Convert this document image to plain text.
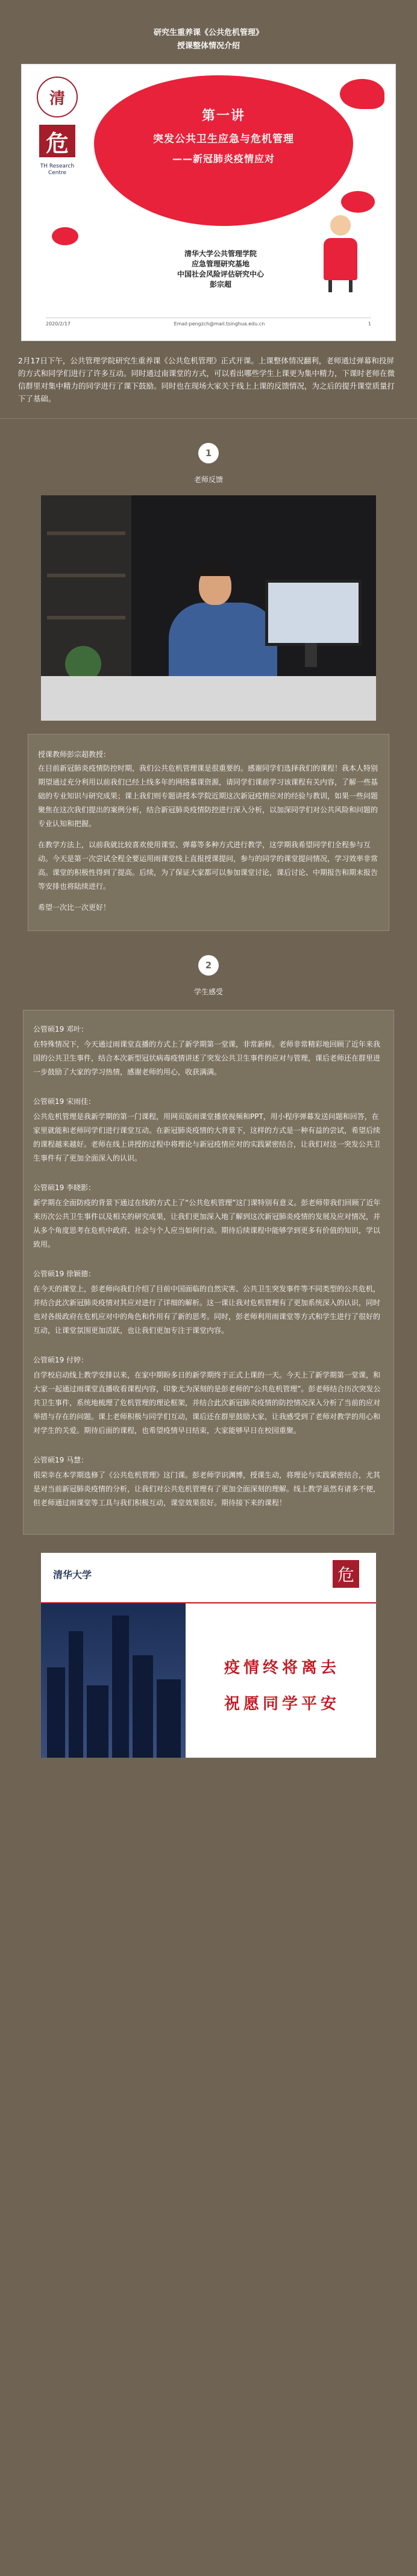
研究生重养课《公共危机管理》
授课整体情况介绍
清
危
TH Research Centre
第一讲
突发公共卫生应急与危机管理
——新冠肺炎疫情应对
清华大学公共管理学院
应急管理研究基地
中国社会风险评估研究中心
彭宗超
2020/2/17	Email:pengzch@mail.tsinghua.edu.cn	1
2月17日下午，公共管理学院研究生重养课《公共危机管理》正式开课。上课整体情况翻利，老师通过弹幕和投屏的方式和同学们进行了许多互动。同时通过南课堂的方式，可以看出哪些学生上课更为集中精力，下课时老师在微信群里对集中精力的同学进行了课下鼓励。同时也在现场大家关于线上上课的反馈情况，为之后的提升课堂质量打下了基础。
1
老师反馈
授课教师彭宗超教授：

在目前新冠肺炎疫情防控时期，我们公共危机管理课是很重要的。感谢同学们选择我们的课程！我本人特别期望通过充分利用以前我们已经上线多年的网络慕课资源，请同学们课前学习该课程有关内容，了解一些基础的专业知识与研究成果；课上我们则专题讲授本学院近期这次新冠疫情应对的经验与教训，如果一些问题聚焦在这次我们提出的案例分析，结合新冠肺炎疫情防控进行深入分析，以加深同学们对公共风险和问题的专业认知和把握。

在教学方法上，以前我就比较喜欢使用课堂、弹幕等多种方式进行教学，这学期我希望同学们全程参与互动。今天是第一次尝试全程全要运用雨课堂线上直报授课提问，参与的同学的课堂提问情况，学习效率非常高。课堂的积极性得到了提高。后续，为了保证大家都可以参加课堂讨论，课后讨论、中期报告和期末报告等安排也将陆续进行。

希望一次比一次更好！

2
学生感受
公管硕19 邓叶：
在特殊情况下，今天通过雨课堂直播的方式上了新学期第一堂课，非常新鲜。老师非常精彩地回顾了近年来我国的公共卫生事件，结合本次新型冠状病毒疫情讲述了突发公共卫生事件的应对与管理，课后老师还在群里进一步鼓励了大家的学习热情，感谢老师的用心，收获满满。
公管硕19 宋雨佳：
公共危机管理是我新学期的第一门课程，用网页版雨课堂播放视频和PPT，用小程序弹幕发送问题和回答，在家里就能和老师同学们进行课堂互动。在新冠肺炎疫情的大背景下，这样的方式是一种有益的尝试，希望后续的课程越来越好。老师在线上讲授的过程中将理论与新冠疫情应对的实践紧密结合，让我们对这一突发公共卫生事件有了更加全面深入的认识。
公管硕19 李晓影：
新学期在全面防疫的背景下通过在线的方式上了“公共危机管理”这门课特别有意义。彭老师带我们回顾了近年来历次公共卫生事件以及相关的研究成果，让我们更加深入地了解到这次新冠肺炎疫情的发展及应对情况，并从多个角度思考在危机中政府、社会与个人应当如何行动。期待后续课程中能够学到更多有价值的知识，学以致用。
公管硕19 徐颖德：
在今天的课堂上，彭老师向我们介绍了目前中国面临的自然灾害、公共卫生突发事件等不同类型的公共危机，并结合此次新冠肺炎疫情对其应对进行了详细的解析。这一课让我对危机管理有了更加系统深入的认识，同时也对各级政府在危机应对中的角色和作用有了新的思考。同时，彭老师利用雨课堂等方式和学生进行了很好的互动，让课堂氛围更加活跃，也让我们更加专注于课堂内容。
公管硕19 付婷：
自学校启动线上教学安排以来，在家中期盼多日的新学期终于正式上课的一天。今天上了新学期第一堂课，和大家一起通过雨课堂直播收看课程内容，印象尤为深刻的是彭老师的“公共危机管理”。彭老师结合历次突发公共卫生事件，系统地梳理了危机管理的理论框架，并结合此次新冠肺炎疫情的防控情况深入分析了当前的应对举措与存在的问题。课上老师积极与同学们互动，课后还在群里鼓励大家，让我感受到了老师对教学的用心和对学生的关爱。期待后面的课程，也希望疫情早日结束，大家能够早日在校园重聚。
公管硕19 马慧：
很荣幸在本学期选修了《公共危机管理》这门课。彭老师学识渊博，授课生动，将理论与实践紧密结合，尤其是对当前新冠肺炎疫情的分析，让我们对公共危机管理有了更加全面深刻的理解。线上教学虽然有诸多不便，但老师通过雨课堂等工具与我们积极互动，课堂效果很好。期待接下来的课程！
清华大学	危
疫情终将离去
祝愿同学平安
